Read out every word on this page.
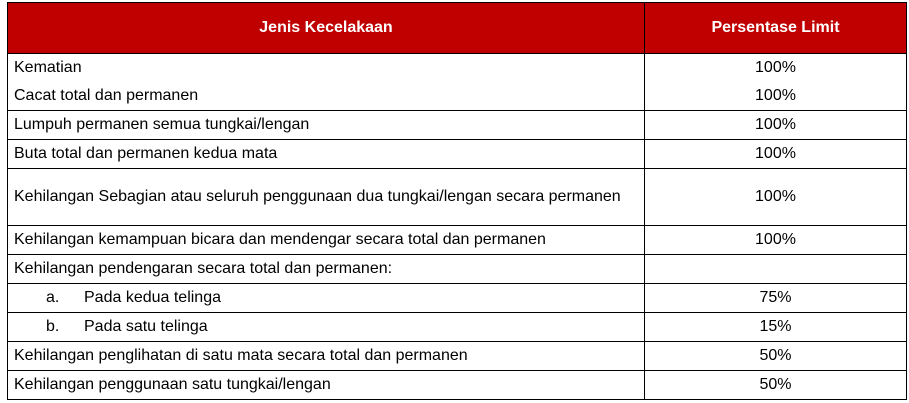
Jenis Kecelakaan	Persentase Limit
Kematian	100%
Cacat total dan permanen	100%
Lumpuh permanen semua tungkai/lengan	100%
Buta total dan permanen kedua mata	100%
Kehilangan Sebagian atau seluruh penggunaan dua tungkai/lengan secara permanen	100%
Kehilangan kemampuan bicara dan mendengar secara total dan permanen	100%
Kehilangan pendengaran secara total dan permanen:	
a. Pada kedua telinga	75%
b. Pada satu telinga	15%
Kehilangan penglihatan di satu mata secara total dan permanen	50%
Kehilangan penggunaan satu tungkai/lengan	50%
